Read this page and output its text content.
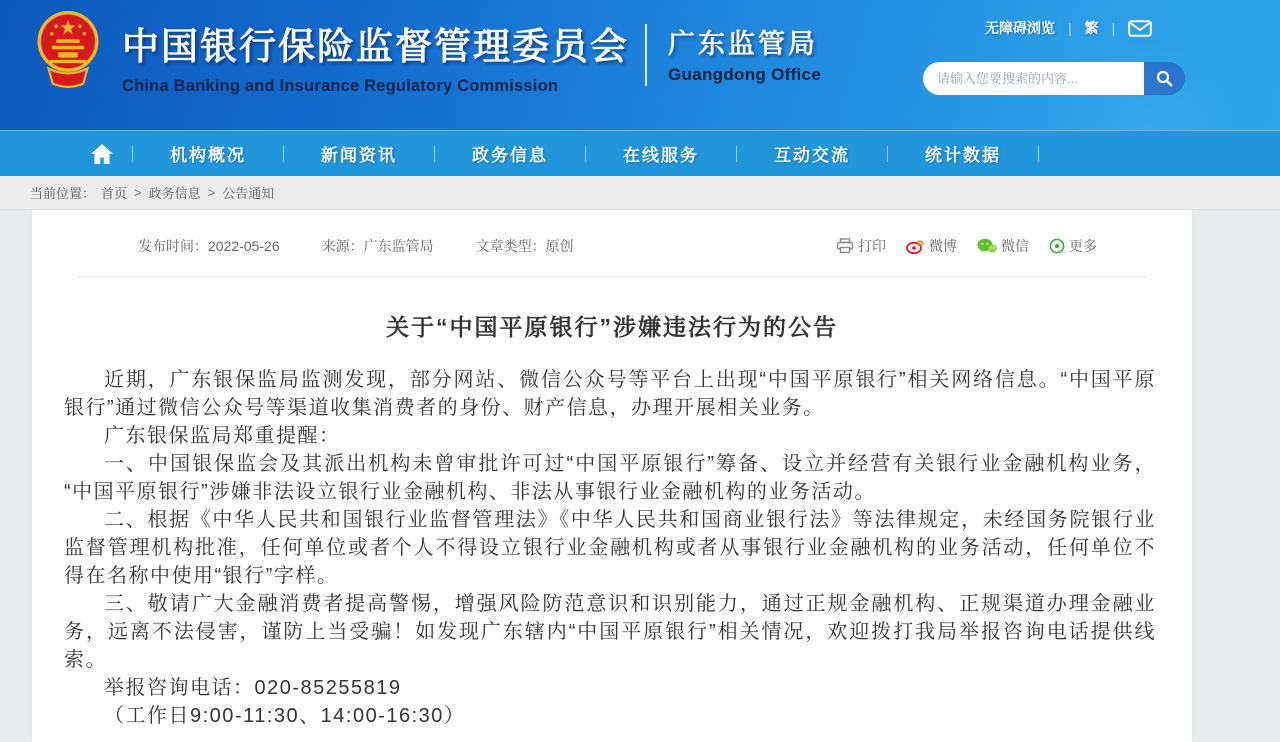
中国银行保险监督管理委员会
China Banking and Insurance Regulatory Commission
广东监管局
Guangdong Office
无障碍浏览 | 繁 |
请输入您要搜索的内容...
机构概况	新闻资讯	政务信息	在线服务	互动交流	统计数据
当前位置： 首页 > 政务信息 > 公告通知
发布时间：2022-05-26	来源：广东监管局	文章类型：原创	打印	微博	微信	更多
关于“中国平原银行”涉嫌违法行为的公告

近期，广东银保监局监测发现，部分网站、微信公众号等平台上出现“中国平原银行”相关网络信息。“中国平原银行”通过微信公众号等渠道收集消费者的身份、财产信息，办理开展相关业务。

广东银保监局郑重提醒：

一、中国银保监会及其派出机构未曾审批许可过“中国平原银行”筹备、设立并经营有关银行业金融机构业务，“中国平原银行”涉嫌非法设立银行业金融机构、非法从事银行业金融机构的业务活动。

二、根据《中华人民共和国银行业监督管理法》《中华人民共和国商业银行法》等法律规定，未经国务院银行业监督管理机构批准，任何单位或者个人不得设立银行业金融机构或者从事银行业金融机构的业务活动，任何单位不得在名称中使用“银行”字样。

三、敬请广大金融消费者提高警惕，增强风险防范意识和识别能力，通过正规金融机构、正规渠道办理金融业务，远离不法侵害，谨防上当受骗！如发现广东辖内“中国平原银行”相关情况，欢迎拨打我局举报咨询电话提供线索。

举报咨询电话：020-85255819

（工作日9:00-11:30、14:00-16:30）
